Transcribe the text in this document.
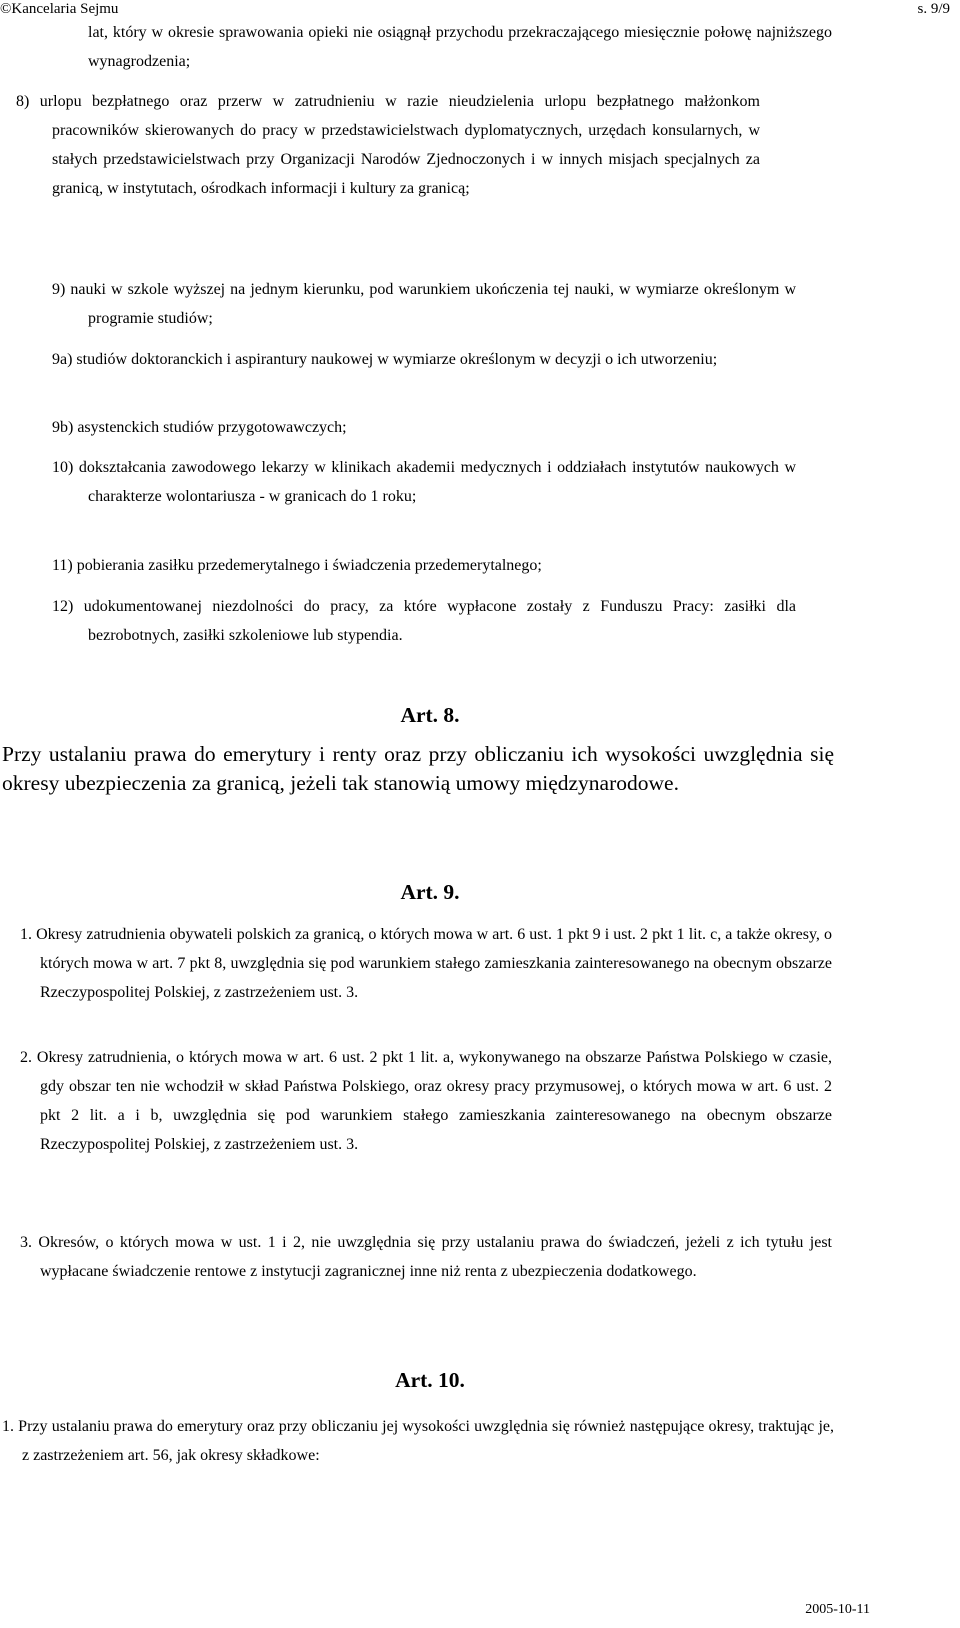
©Kancelaria Sejmu	s. 9/9

lat, który w okresie sprawowania opieki nie osiągnął przychodu przekraczającego miesięcznie połowę najniższego wynagrodzenia;

8) urlopu bezpłatnego oraz przerw w zatrudnieniu w razie nieudzielenia urlopu bezpłatnego małżonkom pracowników skierowanych do pracy w przedstawicielstwach dyplomatycznych, urzędach konsularnych, w stałych przedstawicielstwach przy Organizacji Narodów Zjednoczonych i w innych misjach specjalnych za granicą, w instytutach, ośrodkach informacji i kultury za granicą;

9) nauki w szkole wyższej na jednym kierunku, pod warunkiem ukończenia tej nauki, w wymiarze określonym w programie studiów;

9a) studiów doktoranckich i aspirantury naukowej w wymiarze określonym w decyzji o ich utworzeniu;

9b) asystenckich studiów przygotowawczych;

10) dokształcania zawodowego lekarzy w klinikach akademii medycznych i oddziałach instytutów naukowych w charakterze wolontariusza - w granicach do 1 roku;

11) pobierania zasiłku przedemerytalnego i świadczenia przedemerytalnego;

12) udokumentowanej niezdolności do pracy, za które wypłacone zostały z Funduszu Pracy: zasiłki dla bezrobotnych, zasiłki szkoleniowe lub stypendia.

Art. 8.

Przy ustalaniu prawa do emerytury i renty oraz przy obliczaniu ich wysokości uwzględnia się okresy ubezpieczenia za granicą, jeżeli tak stanowią umowy międzynarodowe.

Art. 9.

1. Okresy zatrudnienia obywateli polskich za granicą, o których mowa w art. 6 ust. 1 pkt 9 i ust. 2 pkt 1 lit. c, a także okresy, o których mowa w art. 7 pkt 8, uwzględnia się pod warunkiem stałego zamieszkania zainteresowanego na obecnym obszarze Rzeczypospolitej Polskiej, z zastrzeżeniem ust. 3.

2. Okresy zatrudnienia, o których mowa w art. 6 ust. 2 pkt 1 lit. a, wykonywanego na obszarze Państwa Polskiego w czasie, gdy obszar ten nie wchodził w skład Państwa Polskiego, oraz okresy pracy przymusowej, o których mowa w art. 6 ust. 2 pkt 2 lit. a i b, uwzględnia się pod warunkiem stałego zamieszkania zainteresowanego na obecnym obszarze Rzeczypospolitej Polskiej, z zastrzeżeniem ust. 3.

3. Okresów, o których mowa w ust. 1 i 2, nie uwzględnia się przy ustalaniu prawa do świadczeń, jeżeli z ich tytułu jest wypłacane świadczenie rentowe z instytucji zagranicznej inne niż renta z ubezpieczenia dodatkowego.

Art. 10.

1. Przy ustalaniu prawa do emerytury oraz przy obliczaniu jej wysokości uwzględnia się również następujące okresy, traktując je, z zastrzeżeniem art. 56, jak okresy składkowe:

2005-10-11
